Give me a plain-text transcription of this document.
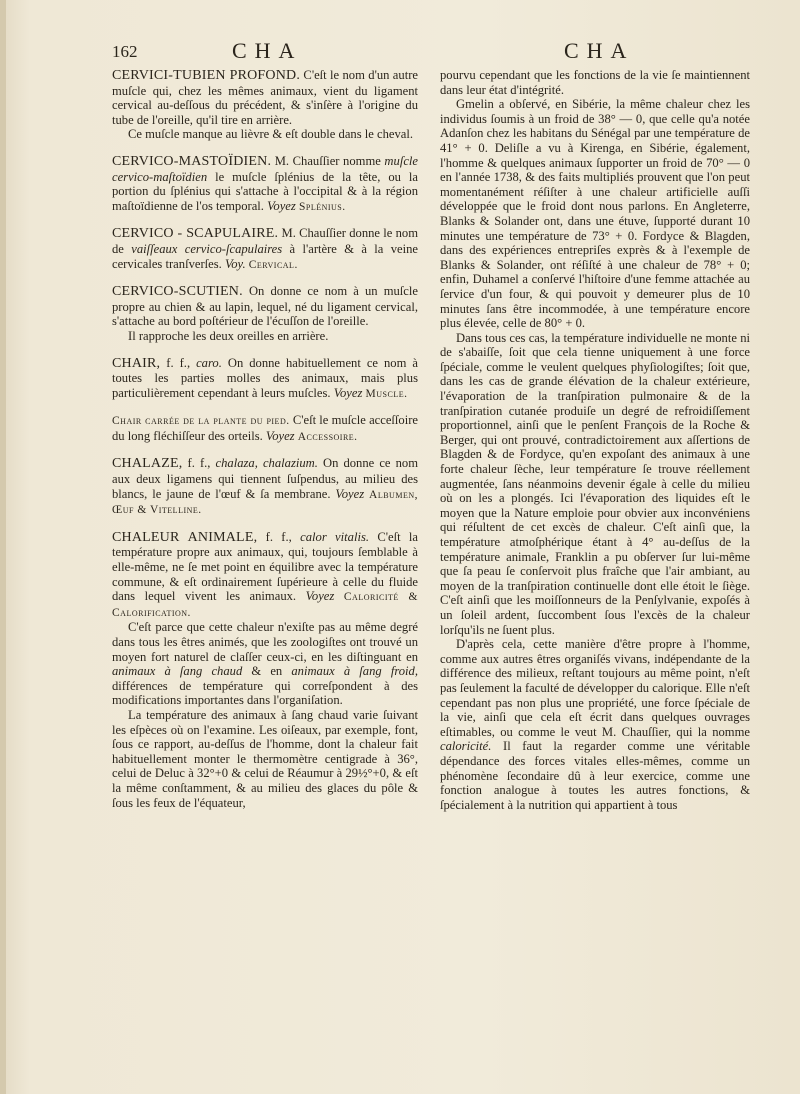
162	CHA	CHA

CERVICI-TUBIEN PROFOND. C'eſt le nom d'un autre muſcle qui, chez les mêmes animaux, vient du ligament cervical au-deſſous du précédent, & s'inſère à l'origine du tube de l'oreille, qu'il tire en arrière.

Ce muſcle manque au lièvre & eſt double dans le cheval.

CERVICO-MASTOÏDIEN. M. Chauſſier nomme muſcle cervico-maſtoïdien le muſcle ſplénius de la tête, ou la portion du ſplénius qui s'attache à l'occipital & à la région maſtoïdienne de l'os temporal. Voyez Splénius.

CERVICO - SCAPULAIRE. M. Chauſſier donne le nom de vaiſſeaux cervico-ſcapulaires à l'artère & à la veine cervicales tranſverſes. Voy. Cervical.

CERVICO-SCUTIEN. On donne ce nom à un muſcle propre au chien & au lapin, lequel, né du ligament cervical, s'attache au bord poſtérieur de l'écuſſon de l'oreille.

Il rapproche les deux oreilles en arrière.

CHAIR, f. f., caro. On donne habituellement ce nom à toutes les parties molles des animaux, mais plus particulièrement cependant à leurs muſcles. Voyez Muscle.

Chair carrée de la plante du pied. C'eſt le muſcle acceſſoire du long fléchiſſeur des orteils. Voyez Accessoire.

CHALAZE, f. f., chalaza, chalazium. On donne ce nom aux deux ligamens qui tiennent ſuſpendus, au milieu des blancs, le jaune de l'œuf & ſa membrane. Voyez Albumen, Œuf & Vitelline.

CHALEUR ANIMALE, f. f., calor vitalis. C'eſt la température propre aux animaux, qui, toujours ſemblable à elle-même, ne ſe met point en équilibre avec la température commune, & eſt ordinairement ſupérieure à celle du fluide dans lequel vivent les animaux. Voyez Caloricité & Calorification.

C'eſt parce que cette chaleur n'exiſte pas au même degré dans tous les êtres animés, que les zoologiſtes ont trouvé un moyen fort naturel de claſſer ceux-ci, en les diſtinguant en animaux à ſang chaud & en animaux à ſang froid, différences de température qui correſpondent à des modifications importantes dans l'organiſation.

La température des animaux à ſang chaud varie ſuivant les eſpèces où on l'examine. Les oiſeaux, par exemple, font, ſous ce rapport, au-deſſus de l'homme, dont la chaleur fait habituellement monter le thermomètre centigrade à 36°, celui de Deluc à 32°+0 & celui de Réaumur à 29½°+0, & eſt la même conſtamment, & au milieu des glaces du pôle & ſous les feux de l'équateur,

pourvu cependant que les fonctions de la vie ſe maintiennent dans leur état d'intégrité.

Gmelin a obſervé, en Sibérie, la même chaleur chez les individus ſoumis à un froid de 38° — 0, que celle qu'a notée Adanſon chez les habitans du Sénégal par une température de 41° + 0. Deliſle a vu à Kirenga, en Sibérie, également, l'homme & quelques animaux ſupporter un froid de 70° — 0 en l'année 1738, & des faits multipliés prouvent que l'on peut momentanément réſiſter à une chaleur artificielle auſſi développée que le froid dont nous parlons. En Angleterre, Blanks & Solander ont, dans une étuve, ſupporté durant 10 minutes une température de 73° + 0. Fordyce & Blagden, dans des expériences entrepriſes exprès & à l'exemple de Blanks & Solander, ont réſiſté à une chaleur de 78° + 0; enfin, Duhamel a conſervé l'hiſtoire d'une femme attachée au ſervice d'un four, & qui pouvoit y demeurer plus de 10 minutes ſans être incommodée, à une température encore plus élevée, celle de 80° + 0.

Dans tous ces cas, la température individuelle ne monte ni de s'abaiſſe, ſoit que cela tienne uniquement à une force ſpéciale, comme le veulent quelques phyſiologiſtes; ſoit que, dans les cas de grande élévation de la chaleur extérieure, l'évaporation de la tranſpiration pulmonaire & de la tranſpiration cutanée produiſe un degré de refroidiſſement proportionnel, ainſi que le penſent François de la Roche & Berger, qui ont prouvé, contradictoirement aux aſſertions de Blagden & de Fordyce, qu'en expoſant des animaux à une forte chaleur ſèche, leur température ſe trouve réellement augmentée, ſans néanmoins devenir égale à celle du milieu où on les a plongés. Ici l'évaporation des liquides eſt le moyen que la Nature emploie pour obvier aux inconvéniens qui réſultent de cet excès de chaleur. C'eſt ainſi que, la température atmoſphérique étant à 4° au-deſſus de la température animale, Franklin a pu obſerver ſur lui-même que ſa peau ſe conſervoit plus fraîche que l'air ambiant, au moyen de la tranſpiration continuelle dont elle étoit le ſiège. C'eſt ainſi que les moiſſonneurs de la Penſylvanie, expoſés à un ſoleil ardent, ſuccombent ſous l'excès de la chaleur lorſqu'ils ne ſuent plus.

D'après cela, cette manière d'être propre à l'homme, comme aux autres êtres organiſés vivans, indépendante de la différence des milieux, reſtant toujours au même point, n'eſt pas ſeulement la faculté de développer du calorique. Elle n'eſt cependant pas non plus une propriété, une force ſpéciale de la vie, ainſi que cela eſt écrit dans quelques ouvrages eſtimables, ou comme le veut M. Chauſſier, qui la nomme caloricité. Il faut la regarder comme une véritable dépendance des forces vitales elles-mêmes, comme un phénomène ſecondaire dû à leur exercice, comme une fonction analogue à toutes les autres fonctions, & ſpécialement à la nutrition qui appartient à tous
